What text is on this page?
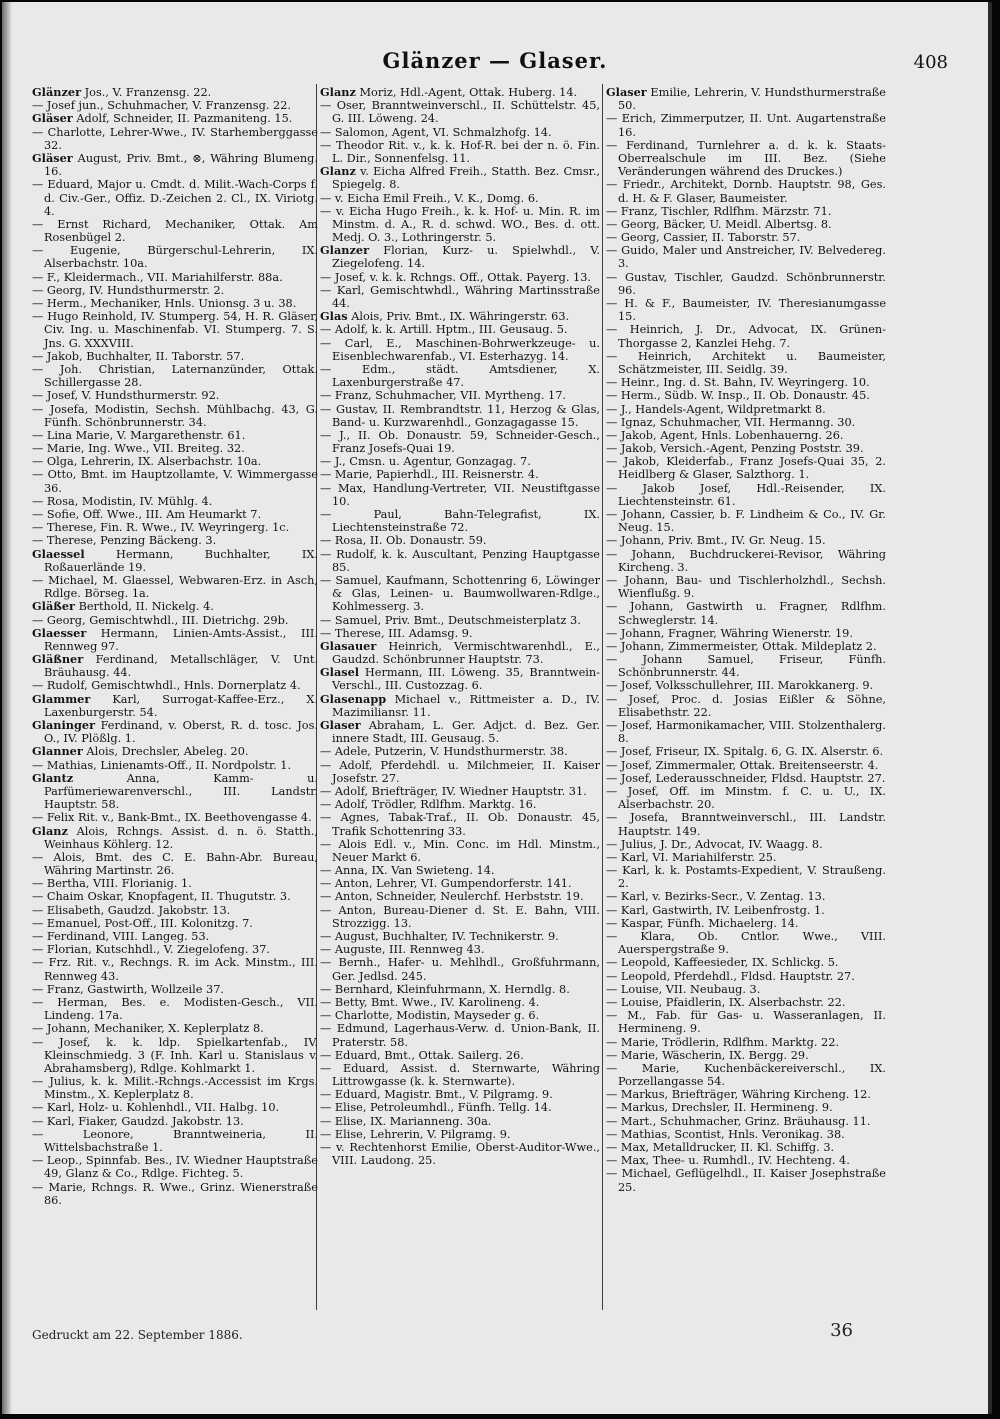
Glänzer — Glaser.	408
Glänzer Jos., V. Franzensg. 22.
— Josef jun., Schuhmacher, V. Franzensg. 22.
Gläser Adolf, Schneider, II. Pazmaniteng. 15.
— Charlotte, Lehrer-Wwe., IV. Starhemberggasse 32.
Gläser August, Priv. Bmt., ⊗, Währing Blumeng. 16.
— Eduard, Major u. Cmdt. d. Milit.-Wach-Corps f. d. Civ.-Ger., Offiz. D.-Zeichen 2. Cl., IX. Viriotg. 4.
— Ernst Richard, Mechaniker, Ottak. Am Rosenbügel 2.
— Eugenie, Bürgerschul-Lehrerin, IX. Alserbachstr. 10a.
— F., Kleidermach., VII. Mariahilferstr. 88a.
— Georg, IV. Hundsthurmerstr. 2.
— Herm., Mechaniker, Hnls. Unionsg. 3 u. 38.
— Hugo Reinhold, IV. Stumperg. 54, H. R. Gläser, Civ. Ing. u. Maschinenfab. VI. Stumperg. 7. S. Jns. G. XXXVIII.
— Jakob, Buchhalter, II. Taborstr. 57.
— Joh. Christian, Laternanzünder, Ottak. Schillergasse 28.
— Josef, V. Hundsthurmerstr. 92.
— Josefa, Modistin, Sechsh. Mühlbachg. 43, G. Fünfh. Schönbrunnerstr. 34.
— Lina Marie, V. Margarethenstr. 61.
— Marie, Ing. Wwe., VII. Breiteg. 32.
— Olga, Lehrerin, IX. Alserbachstr. 10a.
— Otto, Bmt. im Hauptzollamte, V. Wimmergasse 36.
— Rosa, Modistin, IV. Mühlg. 4.
— Sofie, Off. Wwe., III. Am Heumarkt 7.
— Therese, Fin. R. Wwe., IV. Weyringerg. 1c.
— Therese, Penzing Bäckeng. 3.
Glaessel Hermann, Buchhalter, IX. Roßauerlände 19.
— Michael, M. Glaessel, Webwaren-Erz. in Asch, Rdlge. Börseg. 1a.
Gläßer Berthold, II. Nickelg. 4.
— Georg, Gemischtwhdl., III. Dietrichg. 29b.
Glaesser Hermann, Linien-Amts-Assist., III. Rennweg 97.
Gläßner Ferdinand, Metallschläger, V. Unt. Bräuhausg. 44.
— Rudolf, Gemischtwhdl., Hnls. Dornerplatz 4.
Glammer Karl, Surrogat-Kaffee-Erz., X. Laxenburgerstr. 54.
Glaninger Ferdinand, v. Oberst, R. d. tosc. Jos. O., IV. Plößlg. 1.
Glanner Alois, Drechsler, Abeleg. 20.
— Mathias, Linienamts-Off., II. Nordpolstr. 1.
Glantz Anna, Kamm- u. Parfümeriewarenverschl., III. Landstr. Hauptstr. 58.
— Felix Rit. v., Bank-Bmt., IX. Beethovengasse 4.
Glanz Alois, Rchngs. Assist. d. n. ö. Statth., Weinhaus Köhlerg. 12.
— Alois, Bmt. des C. E. Bahn-Abr. Bureau, Währing Martinstr. 26.
— Bertha, VIII. Florianig. 1.
— Chaim Oskar, Knopfagent, II. Thugutstr. 3.
— Elisabeth, Gaudzd. Jakobstr. 13.
— Emanuel, Post-Off., III. Kolonitzg. 7.
— Ferdinand, VIII. Langeg. 53.
— Florian, Kutschhdl., V. Ziegelofeng. 37.
— Frz. Rit. v., Rechngs. R. im Ack. Minstm., III. Rennweg 43.
— Franz, Gastwirth, Wollzeile 37.
— Herman, Bes. e. Modisten-Gesch., VII. Lindeng. 17a.
— Johann, Mechaniker, X. Keplerplatz 8.
— Josef, k. k. ldp. Spielkartenfab., IV. Kleinschmiedg. 3 (F. Inh. Karl u. Stanislaus v. Abrahamsberg), Rdlge. Kohlmarkt 1.
— Julius, k. k. Milit.-Rchngs.-Accessist im Krgs. Minstm., X. Keplerplatz 8.
— Karl, Holz- u. Kohlenhdl., VII. Halbg. 10.
— Karl, Fiaker, Gaudzd. Jakobstr. 13.
— Leonore, Branntweineria, II. Wittelsbachstraße 1.
— Leop., Spinnfab. Bes., IV. Wiedner Hauptstraße 49, Glanz & Co., Rdlge. Fichteg. 5.
— Marie, Rchngs. R. Wwe., Grinz. Wienerstraße 86.
Glanz Moriz, Hdl.-Agent, Ottak. Huberg. 14.
— Oser, Branntweinverschl., II. Schüttelstr. 45, G. III. Löweng. 24.
— Salomon, Agent, VI. Schmalzhofg. 14.
— Theodor Rit. v., k. k. Hof-R. bei der n. ö. Fin. L. Dir., Sonnenfelsg. 11.
Glanz v. Eicha Alfred Freih., Statth. Bez. Cmsr., Spiegelg. 8.
— v. Eicha Emil Freih., V. K., Domg. 6.
— v. Eicha Hugo Freih., k. k. Hof- u. Min. R. im Minstm. d. A., R. d. schwd. WO., Bes. d. ott. Medj. O. 3., Lothringerstr. 5.
Glanzer Florian, Kurz- u. Spielwhdl., V. Ziegelofeng. 14.
— Josef, v. k. k. Rchngs. Off., Ottak. Payerg. 13.
— Karl, Gemischtwhdl., Währing Martinsstraße 44.
Glas Alois, Priv. Bmt., IX. Währingerstr. 63.
— Adolf, k. k. Artill. Hptm., III. Geusaug. 5.
— Carl, E., Maschinen-Bohrwerkzeuge- u. Eisenblechwarenfab., VI. Esterhazyg. 14.
— Edm., städt. Amtsdiener, X. Laxenburgerstraße 47.
— Franz, Schuhmacher, VII. Myrtheng. 17.
— Gustav, II. Rembrandtstr. 11, Herzog & Glas, Band- u. Kurzwarenhdl., Gonzagagasse 15.
— J., II. Ob. Donaustr. 59, Schneider-Gesch., Franz Josefs-Quai 19.
— J., Cmsn. u. Agentur, Gonzagag. 7.
— Marie, Papierhdl., III. Reisnerstr. 4.
— Max, Handlung-Vertreter, VII. Neustiftgasse 10.
— Paul, Bahn-Telegrafist, IX. Liechtensteinstraße 72.
— Rosa, II. Ob. Donaustr. 59.
— Rudolf, k. k. Auscultant, Penzing Hauptgasse 85.
— Samuel, Kaufmann, Schottenring 6, Löwinger & Glas, Leinen- u. Baumwollwaren-Rdlge., Kohlmesserg. 3.
— Samuel, Priv. Bmt., Deutschmeisterplatz 3.
— Therese, III. Adamsg. 9.
Glasauer Heinrich, Vermischtwarenhdl., E., Gaudzd. Schönbrunner Hauptstr. 73.
Glasel Hermann, III. Löweng. 35, Branntwein-Verschl., III. Custozzag. 6.
Glasenapp Michael v., Rittmeister a. D., IV. Mazimiliansr. 11.
Glaser Abraham, L. Ger. Adjct. d. Bez. Ger. innere Stadt, III. Geusaug. 5.
— Adele, Putzerin, V. Hundsthurmerstr. 38.
— Adolf, Pferdehdl. u. Milchmeier, II. Kaiser Josefstr. 27.
— Adolf, Briefträger, IV. Wiedner Hauptstr. 31.
— Adolf, Trödler, Rdlfhm. Marktg. 16.
— Agnes, Tabak-Traf., II. Ob. Donaustr. 45, Trafik Schottenring 33.
— Alois Edl. v., Min. Conc. im Hdl. Minstm., Neuer Markt 6.
— Anna, IX. Van Swieteng. 14.
— Anton, Lehrer, VI. Gumpendorferstr. 141.
— Anton, Schneider, Neulerchf. Herbststr. 19.
— Anton, Bureau-Diener d. St. E. Bahn, VIII. Strozzigg. 13.
— August, Buchhalter, IV. Technikerstr. 9.
— Auguste, III. Rennweg 43.
— Bernh., Hafer- u. Mehlhdl., Großfuhrmann, Ger. Jedlsd. 245.
— Bernhard, Kleinfuhrmann, X. Herndlg. 8.
— Betty, Bmt. Wwe., IV. Karolineng. 4.
— Charlotte, Modistin, Mayseder g. 6.
— Edmund, Lagerhaus-Verw. d. Union-Bank, II. Praterstr. 58.
— Eduard, Bmt., Ottak. Sailerg. 26.
— Eduard, Assist. d. Sternwarte, Währing Littrowgasse (k. k. Sternwarte).
— Eduard, Magistr. Bmt., V. Pilgramg. 9.
— Elise, Petroleumhdl., Fünfh. Tellg. 14.
— Elise, IX. Marianneng. 30a.
— Elise, Lehrerin, V. Pilgramg. 9.
— v. Rechtenhorst Emilie, Oberst-Auditor-Wwe., VIII. Laudong. 25.
Glaser Emilie, Lehrerin, V. Hundsthurmerstraße 50.
— Erich, Zimmerputzer, II. Unt. Augartenstraße 16.
— Ferdinand, Turnlehrer a. d. k. k. Staats-Oberrealschule im III. Bez. (Siehe Veränderungen während des Druckes.)
— Friedr., Architekt, Dornb. Hauptstr. 98, Ges. d. H. & F. Glaser, Baumeister.
— Franz, Tischler, Rdlfhm. Märzstr. 71.
— Georg, Bäcker, U. Meidl. Albertsg. 8.
— Georg, Cassier, II. Taborstr. 57.
— Guido, Maler und Anstreicher, IV. Belvedereg. 3.
— Gustav, Tischler, Gaudzd. Schönbrunnerstr. 96.
— H. & F., Baumeister, IV. Theresianumgasse 15.
— Heinrich, J. Dr., Advocat, IX. Grünen-Thorgasse 2, Kanzlei Hehg. 7.
— Heinrich, Architekt u. Baumeister, Schätzmeister, III. Seidlg. 39.
— Heinr., Ing. d. St. Bahn, IV. Weyringerg. 10.
— Herm., Südb. W. Insp., II. Ob. Donaustr. 45.
— J., Handels-Agent, Wildpretmarkt 8.
— Ignaz, Schuhmacher, VII. Hermanng. 30.
— Jakob, Agent, Hnls. Lobenhauerng. 26.
— Jakob, Versich.-Agent, Penzing Poststr. 39.
— Jakob, Kleiderfab., Franz Josefs-Quai 35, 2. Heidlberg & Glaser, Salzthorg. 1.
— Jakob Josef, Hdl.-Reisender, IX. Liechtensteinstr. 61.
— Johann, Cassier, b. F. Lindheim & Co., IV. Gr. Neug. 15.
— Johann, Priv. Bmt., IV. Gr. Neug. 15.
— Johann, Buchdruckerei-Revisor, Währing Kircheng. 3.
— Johann, Bau- und Tischlerholzhdl., Sechsh. Wienflußg. 9.
— Johann, Gastwirth u. Fragner, Rdlfhm. Schweglerstr. 14.
— Johann, Fragner, Währing Wienerstr. 19.
— Johann, Zimmermeister, Ottak. Mildeplatz 2.
— Johann Samuel, Friseur, Fünfh. Schönbrunnerstr. 44.
— Josef, Volksschullehrer, III. Marokkanerg. 9.
— Josef, Proc. d. Josias Eißler & Söhne, Elisabethstr. 22.
— Josef, Harmonikamacher, VIII. Stolzenthalerg. 8.
— Josef, Friseur, IX. Spitalg. 6, G. IX. Alserstr. 6.
— Josef, Zimmermaler, Ottak. Breitenseerstr. 4.
— Josef, Lederausschneider, Fldsd. Hauptstr. 27.
— Josef, Off. im Minstm. f. C. u. U., IX. Alserbachstr. 20.
— Josefa, Branntweinverschl., III. Landstr. Hauptstr. 149.
— Julius, J. Dr., Advocat, IV. Waagg. 8.
— Karl, VI. Mariahilferstr. 25.
— Karl, k. k. Postamts-Expedient, V. Straußeng. 2.
— Karl, v. Bezirks-Secr., V. Zentag. 13.
— Karl, Gastwirth, IV. Leibenfrostg. 1.
— Kaspar, Fünfh. Michaelerg. 14.
— Klara, Ob. Cntlor. Wwe., VIII. Auerspergstraße 9.
— Leopold, Kaffeesieder, IX. Schlickg. 5.
— Leopold, Pferdehdl., Fldsd. Hauptstr. 27.
— Louise, VII. Neubaug. 3.
— Louise, Pfaidlerin, IX. Alserbachstr. 22.
— M., Fab. für Gas- u. Wasseranlagen, II. Hermineng. 9.
— Marie, Trödlerin, Rdlfhm. Marktg. 22.
— Marie, Wäscherin, IX. Bergg. 29.
— Marie, Kuchenbäckereiverschl., IX. Porzellangasse 54.
— Markus, Briefträger, Währing Kircheng. 12.
— Markus, Drechsler, II. Hermineng. 9.
— Mart., Schuhmacher, Grinz. Bräuhausg. 11.
— Mathias, Scontist, Hnls. Veronikag. 38.
— Max, Metalldrucker, II. Kl. Schiffg. 3.
— Max, Thee- u. Rumhdl., IV. Hechteng. 4.
— Michael, Geflügelhdl., II. Kaiser Josephstraße 25.
Gedruckt am 22. September 1886.	36
